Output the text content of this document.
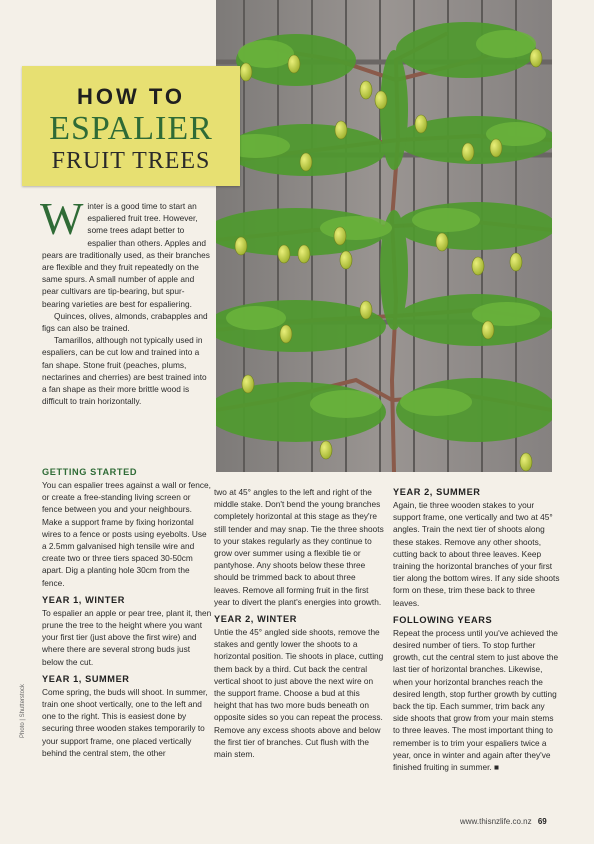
HOW TO
ESPALIER
FRUIT TREES
W inter is a good time to start an espaliered fruit tree. However, some trees adapt better to espalier than others. Apples and pears are traditionally used, as their branches are flexible and they fruit repeatedly on the same spurs. A small number of apple and pear cultivars are tip-bearing, but spur-bearing varieties are best for espaliering.

Quinces, olives, almonds, crabapples and figs can also be trained.

Tamarillos, although not typically used in espaliers, can be cut low and trained into a fan shape. Stone fruit (peaches, plums, nectarines and cherries) are best trained into a fan shape as their more brittle wood is difficult to train horizontally.

GETTING STARTED

You can espalier trees against a wall or fence, or create a free-standing living screen or fence between you and your neighbours. Make a support frame by fixing horizontal wires to a fence or posts using eyebolts. Use a 2.5mm galvanised high tensile wire and create two or three tiers spaced 30-50cm apart. Dig a planting hole 30cm from the fence.

YEAR 1, WINTER

To espalier an apple or pear tree, plant it, then prune the tree to the height where you want your first tier (just above the first wire) and where there are several strong buds just below the cut.

YEAR 1, SUMMER

Come spring, the buds will shoot. In summer, train one shoot vertically, one to the left and one to the right. This is easiest done by securing three wooden stakes temporarily to your support frame, one placed vertically behind the central stem, the other

two at 45° angles to the left and right of the middle stake. Don't bend the young branches completely horizontal at this stage as they're still tender and may snap. Tie the three shoots to your stakes regularly as they continue to grow over summer using a flexible tie or pantyhose. Any shoots below these three should be trimmed back to about three leaves. Remove all forming fruit in the first year to divert the plant's energies into growth.

YEAR 2, WINTER

Untie the 45° angled side shoots, remove the stakes and gently lower the shoots to a horizontal position. Tie shoots in place, cutting them back by a third. Cut back the central vertical shoot to just above the next wire on the support frame. Choose a bud at this height that has two more buds beneath on opposite sides so you can repeat the process. Remove any excess shoots above and below the first tier of branches. Cut flush with the main stem.

YEAR 2, SUMMER

Again, tie three wooden stakes to your support frame, one vertically and two at 45° angles. Train the next tier of shoots along these stakes. Remove any other shoots, cutting back to about three leaves. Keep training the horizontal branches of your first tier along the bottom wires. If any side shoots form on these, trim these back to three leaves.

FOLLOWING YEARS

Repeat the process until you've achieved the desired number of tiers. To stop further growth, cut the central stem to just above the last tier of horizontal branches. Likewise, when your horizontal branches reach the desired length, stop further growth by cutting back the tip. Each summer, trim back any side shoots that grow from your main stems to three leaves. The most important thing to remember is to trim your espaliers twice a year, once in winter and again after they've finished fruiting in summer. ■

Photo | Shutterstock
www.thisnzlife.co.nz 69
